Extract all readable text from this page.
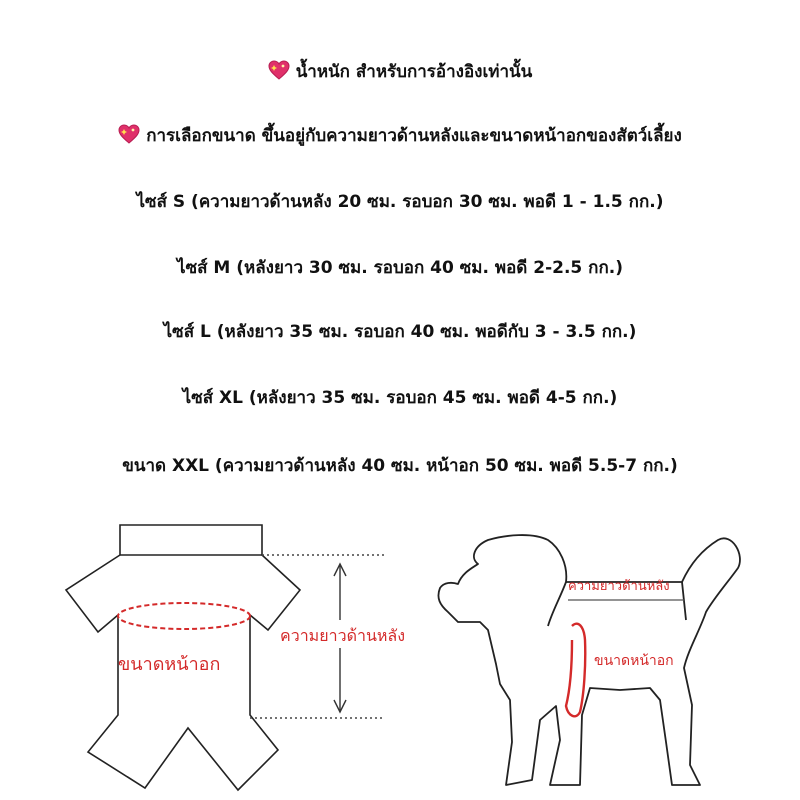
น้ำหนัก สำหรับการอ้างอิงเท่านั้น
การเลือกขนาด ขึ้นอยู่กับความยาวด้านหลังและขนาดหน้าอกของสัตว์เลี้ยง
ไซส์ S (ความยาวด้านหลัง 20 ซม. รอบอก 30 ซม. พอดี 1 - 1.5 กก.)
ไซส์ M (หลังยาว 30 ซม. รอบอก 40 ซม. พอดี 2-2.5 กก.)
ไซส์ L (หลังยาว 35 ซม. รอบอก 40 ซม. พอดีกับ 3 - 3.5 กก.)
ไซส์ XL (หลังยาว 35 ซม. รอบอก 45 ซม. พอดี 4-5 กก.)
ขนาด XXL (ความยาวด้านหลัง 40 ซม. หน้าอก 50 ซม. พอดี 5.5-7 กก.)
ความยาวด้านหลัง
ขนาดหน้าอก
ความยาวด้านหลัง
ขนาดหน้าอก
